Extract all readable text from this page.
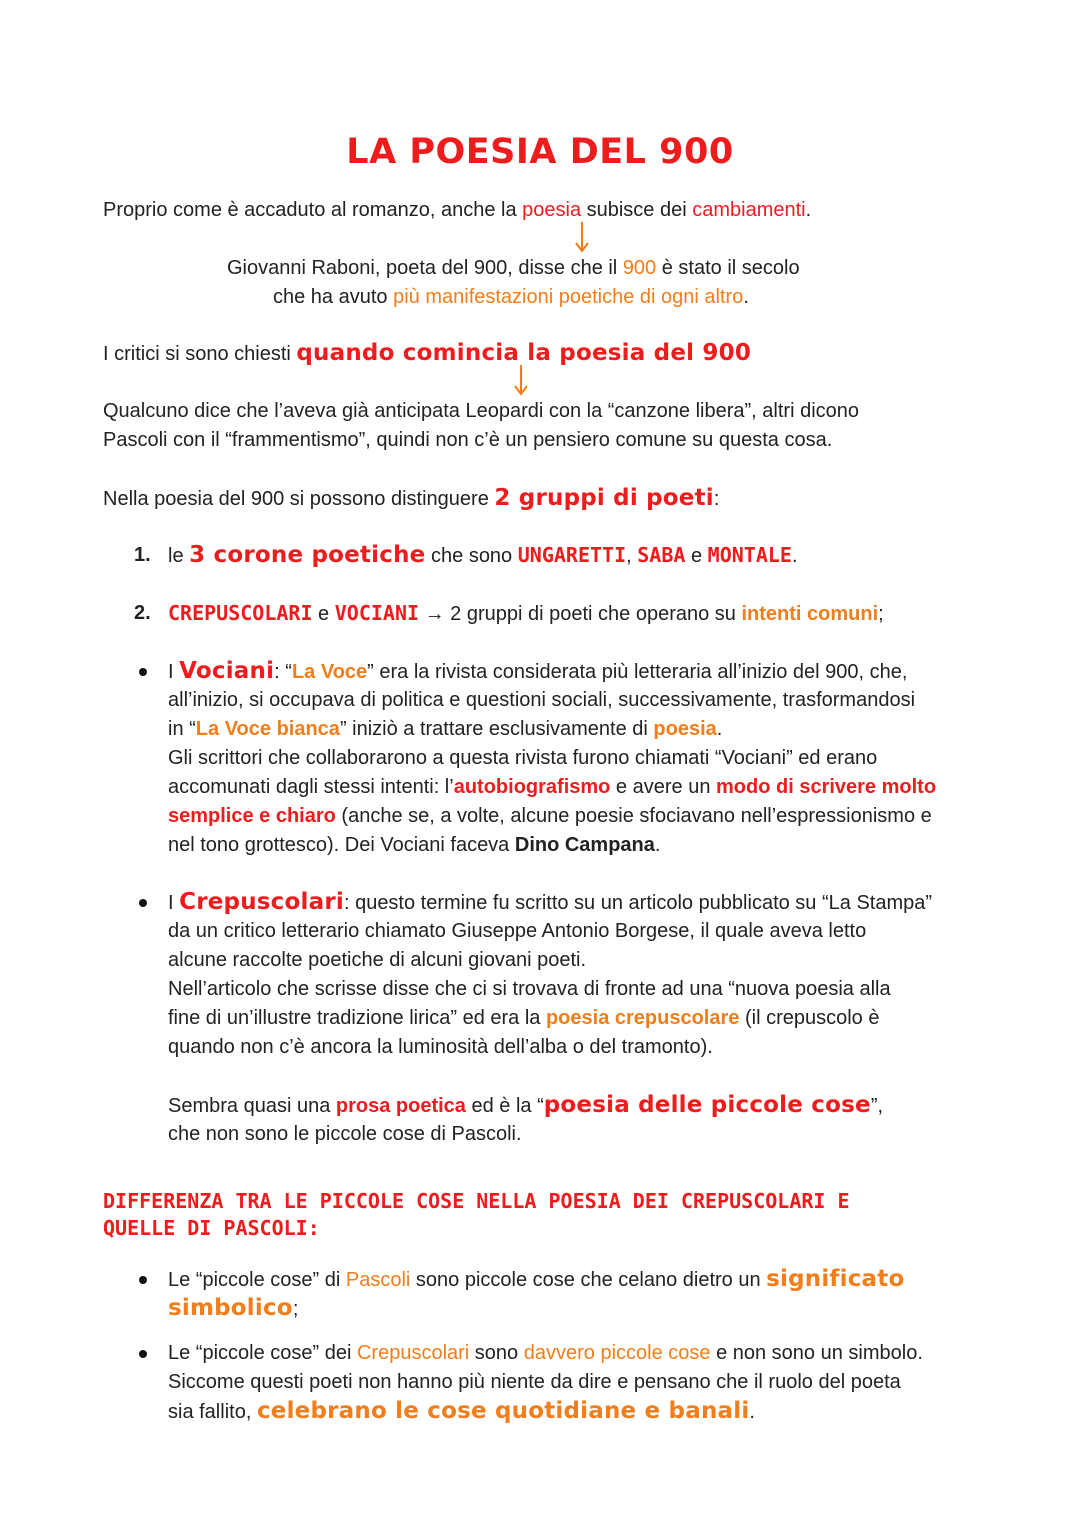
LA POESIA DEL 900
Proprio come è accaduto al romanzo, anche la poesia subisce dei cambiamenti.
Giovanni Raboni, poeta del 900, disse che il 900 è stato il secolo
che ha avuto più manifestazioni poetiche di ogni altro.
I critici si sono chiesti quando comincia la poesia del 900
Qualcuno dice che l’aveva già anticipata Leopardi con la “canzone libera”, altri dicono
Pascoli con il “frammentismo”, quindi non c’è un pensiero comune su questa cosa.
Nella poesia del 900 si possono distinguere 2 gruppi di poeti:
1. le 3 corone poetiche che sono UNGARETTI, SABA e MONTALE.
2. CREPUSCOLARI e VOCIANI → 2 gruppi di poeti che operano su intenti comuni;
I Vociani: “La Voce” era la rivista considerata più letteraria all’inizio del 900, che,
all’inizio, si occupava di politica e questioni sociali, successivamente, trasformandosi
in “La Voce bianca” iniziò a trattare esclusivamente di poesia.
Gli scrittori che collaborarono a questa rivista furono chiamati “Vociani” ed erano
accomunati dagli stessi intenti: l’autobiografismo e avere un modo di scrivere molto
semplice e chiaro (anche se, a volte, alcune poesie sfociavano nell’espressionismo e
nel tono grottesco). Dei Vociani faceva Dino Campana.
I Crepuscolari: questo termine fu scritto su un articolo pubblicato su “La Stampa”
da un critico letterario chiamato Giuseppe Antonio Borgese, il quale aveva letto
alcune raccolte poetiche di alcuni giovani poeti.
Nell’articolo che scrisse disse che ci si trovava di fronte ad una “nuova poesia alla
fine di un’illustre tradizione lirica” ed era la poesia crepuscolare (il crepuscolo è
quando non c’è ancora la luminosità dell’alba o del tramonto).
Sembra quasi una prosa poetica ed è la “poesia delle piccole cose”,
che non sono le piccole cose di Pascoli.
DIFFERENZA TRA LE PICCOLE COSE NELLA POESIA DEI CREPUSCOLARI E
QUELLE DI PASCOLI:
Le “piccole cose” di Pascoli sono piccole cose che celano dietro un significato
simbolico;
Le “piccole cose” dei Crepuscolari sono davvero piccole cose e non sono un simbolo.
Siccome questi poeti non hanno più niente da dire e pensano che il ruolo del poeta
sia fallito, celebrano le cose quotidiane e banali.
